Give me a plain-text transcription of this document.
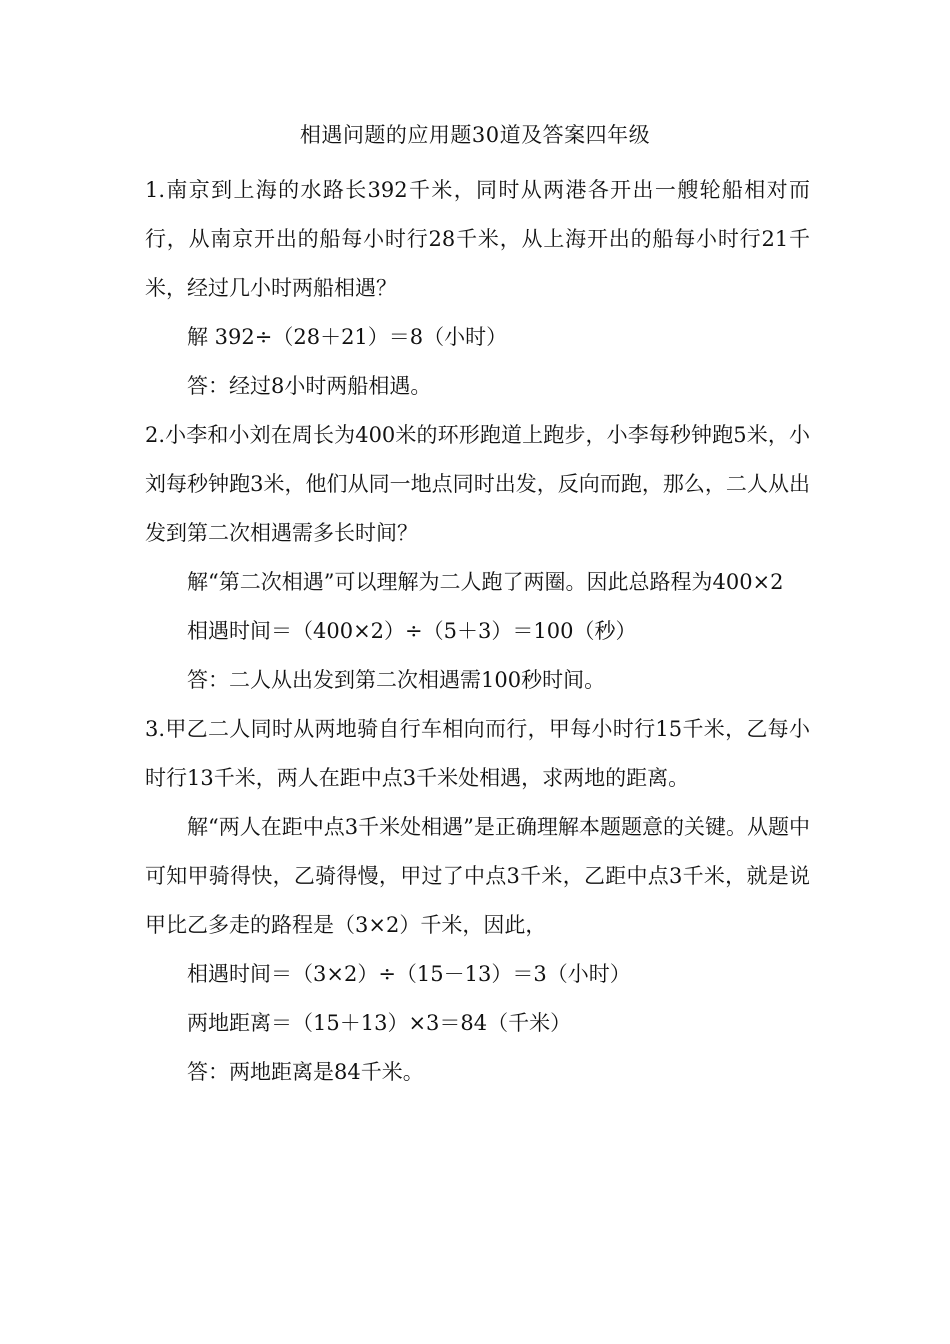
相遇问题的应用题30道及答案四年级

1.南京到上海的水路长392千米，同时从两港各开出一艘轮船相对而行，从南京开出的船每小时行28千米，从上海开出的船每小时行21千米，经过几小时两船相遇？

解 392÷（28＋21）＝8（小时）

答：经过8小时两船相遇。

2.小李和小刘在周长为400米的环形跑道上跑步，小李每秒钟跑5米，小刘每秒钟跑3米，他们从同一地点同时出发，反向而跑，那么，二人从出发到第二次相遇需多长时间？

解“第二次相遇”可以理解为二人跑了两圈。因此总路程为400×2

相遇时间＝（400×2）÷（5＋3）＝100（秒）

答：二人从出发到第二次相遇需100秒时间。

3.甲乙二人同时从两地骑自行车相向而行，甲每小时行15千米，乙每小时行13千米，两人在距中点3千米处相遇，求两地的距离。

解“两人在距中点3千米处相遇”是正确理解本题题意的关键。从题中可知甲骑得快，乙骑得慢，甲过了中点3千米，乙距中点3千米，就是说甲比乙多走的路程是（3×2）千米，因此，

相遇时间＝（3×2）÷（15－13）＝3（小时）

两地距离＝（15＋13）×3＝84（千米）

答：两地距离是84千米。
